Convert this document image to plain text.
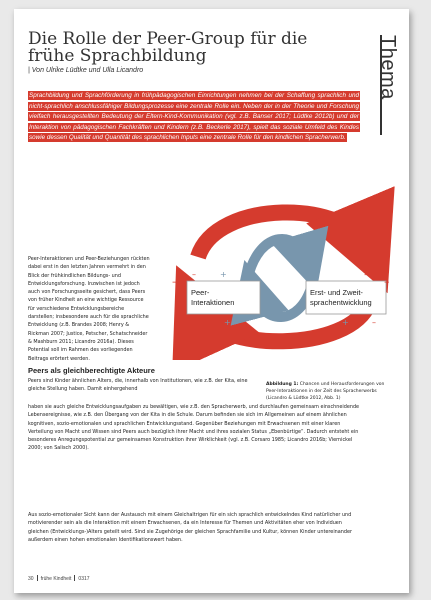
Die Rolle der Peer-Group für die frühe Sprachbildung
| Von Ulrike Lüdtke und Ulla Licandro	Thema

Sprachbildung und Sprachförderung in frühpädagogischen Einrichtungen nehmen bei der Schaffung sprachlich und nicht-sprachlich anschlussfähiger Bildungsprozesse eine zentrale Rolle ein. Neben der in der Theorie und Forschung vielfach herausgestellten Bedeutung der Eltern-Kind-Kommunikation (vgl. z.B. Banser 2017; Lüdtke 2012b) und der Interaktion von pädagogischen Fachkräften und Kindern (z.B. Beckerle 2017), spielt das soziale Umfeld des Kindes sowie dessen Qualität und Quantität des sprachlichen Inputs eine zentrale Rolle für den kindlichen Spracherwerb.

Peer-Interaktionen und Peer-Beziehungen rückten dabei erst in den letzten Jahren vermehrt in den Blick der frühkindlichen Bildungs- und Entwicklungsforschung. Inzwischen ist jedoch auch von Forschungsseite gesichert, dass Peers von früher Kindheit an eine wichtige Ressource für verschiedene Entwicklungsbereiche darstellen; insbesondere auch für die sprachliche Entwicklung (z.B. Brandes 2008; Henry & Rickman 2007; Justice, Petscher, Schatschneider & Mashburn 2011; Licandro 2016a). Dieses Potential soll im Rahmen des vorliegenden Beitrags erörtert werden.

Peer-
Interaktionen
Erst- und Zweit-
sprachentwicklung
–
–	+	+	–
–
+	–
+
Peers als gleichberechtigte Akteure

Peers sind Kinder ähnlichen Alters, die, innerhalb von Institutionen, wie z.B. der Kita, eine gleiche Stellung haben. Damit einhergehend

haben sie auch gleiche Entwicklungsaufgaben zu bewältigen, wie z.B. den Spracherwerb, und durchlaufen gemeinsam einschneidende Lebensereignisse, wie z.B. den Übergang von der Kita in die Schule. Darum befinden sie sich im Allgemeinen auf einem ähnlichen kognitiven, sozio-emotionalen und sprachlichen Entwicklungsstand. Gegenüber Beziehungen mit Erwachsenen mit einer klaren Verteilung von Macht und Wissen sind Peers auch bezüglich ihrer Macht und ihres sozialen Status „Ebenbürtige“. Dadurch entsteht ein besonderes Anregungspotential zur gemeinsamen Konstruktion ihrer Wirklichkeit (vgl. z.B. Corsaro 1985; Licandro 2016b; Viernickel 2000; von Salisch 2000).

Aus sozio-emotionaler Sicht kann der Austausch mit einem Gleichaltrigen für ein sich sprachlich entwickelndes Kind natürlicher und motivierender sein als die Interaktion mit einem Erwachsenen, da ein Interesse für Themen und Aktivitäten eher von Individuen gleichen (Entwicklungs-)Alters geteilt wird. Sind sie Zugehörige der gleichen Sprachfamilie und Kultur, können Kinder untereinander außerdem einen hohen emotionalen Identifikationswert haben.

Abbildung 1: Chancen und Herausforderungen von Peer-Interaktionen in der Zeit des Spracherwerbs (Licandro & Lüdtke 2012, Abb. 1)

30 frühe Kindheit 0317
